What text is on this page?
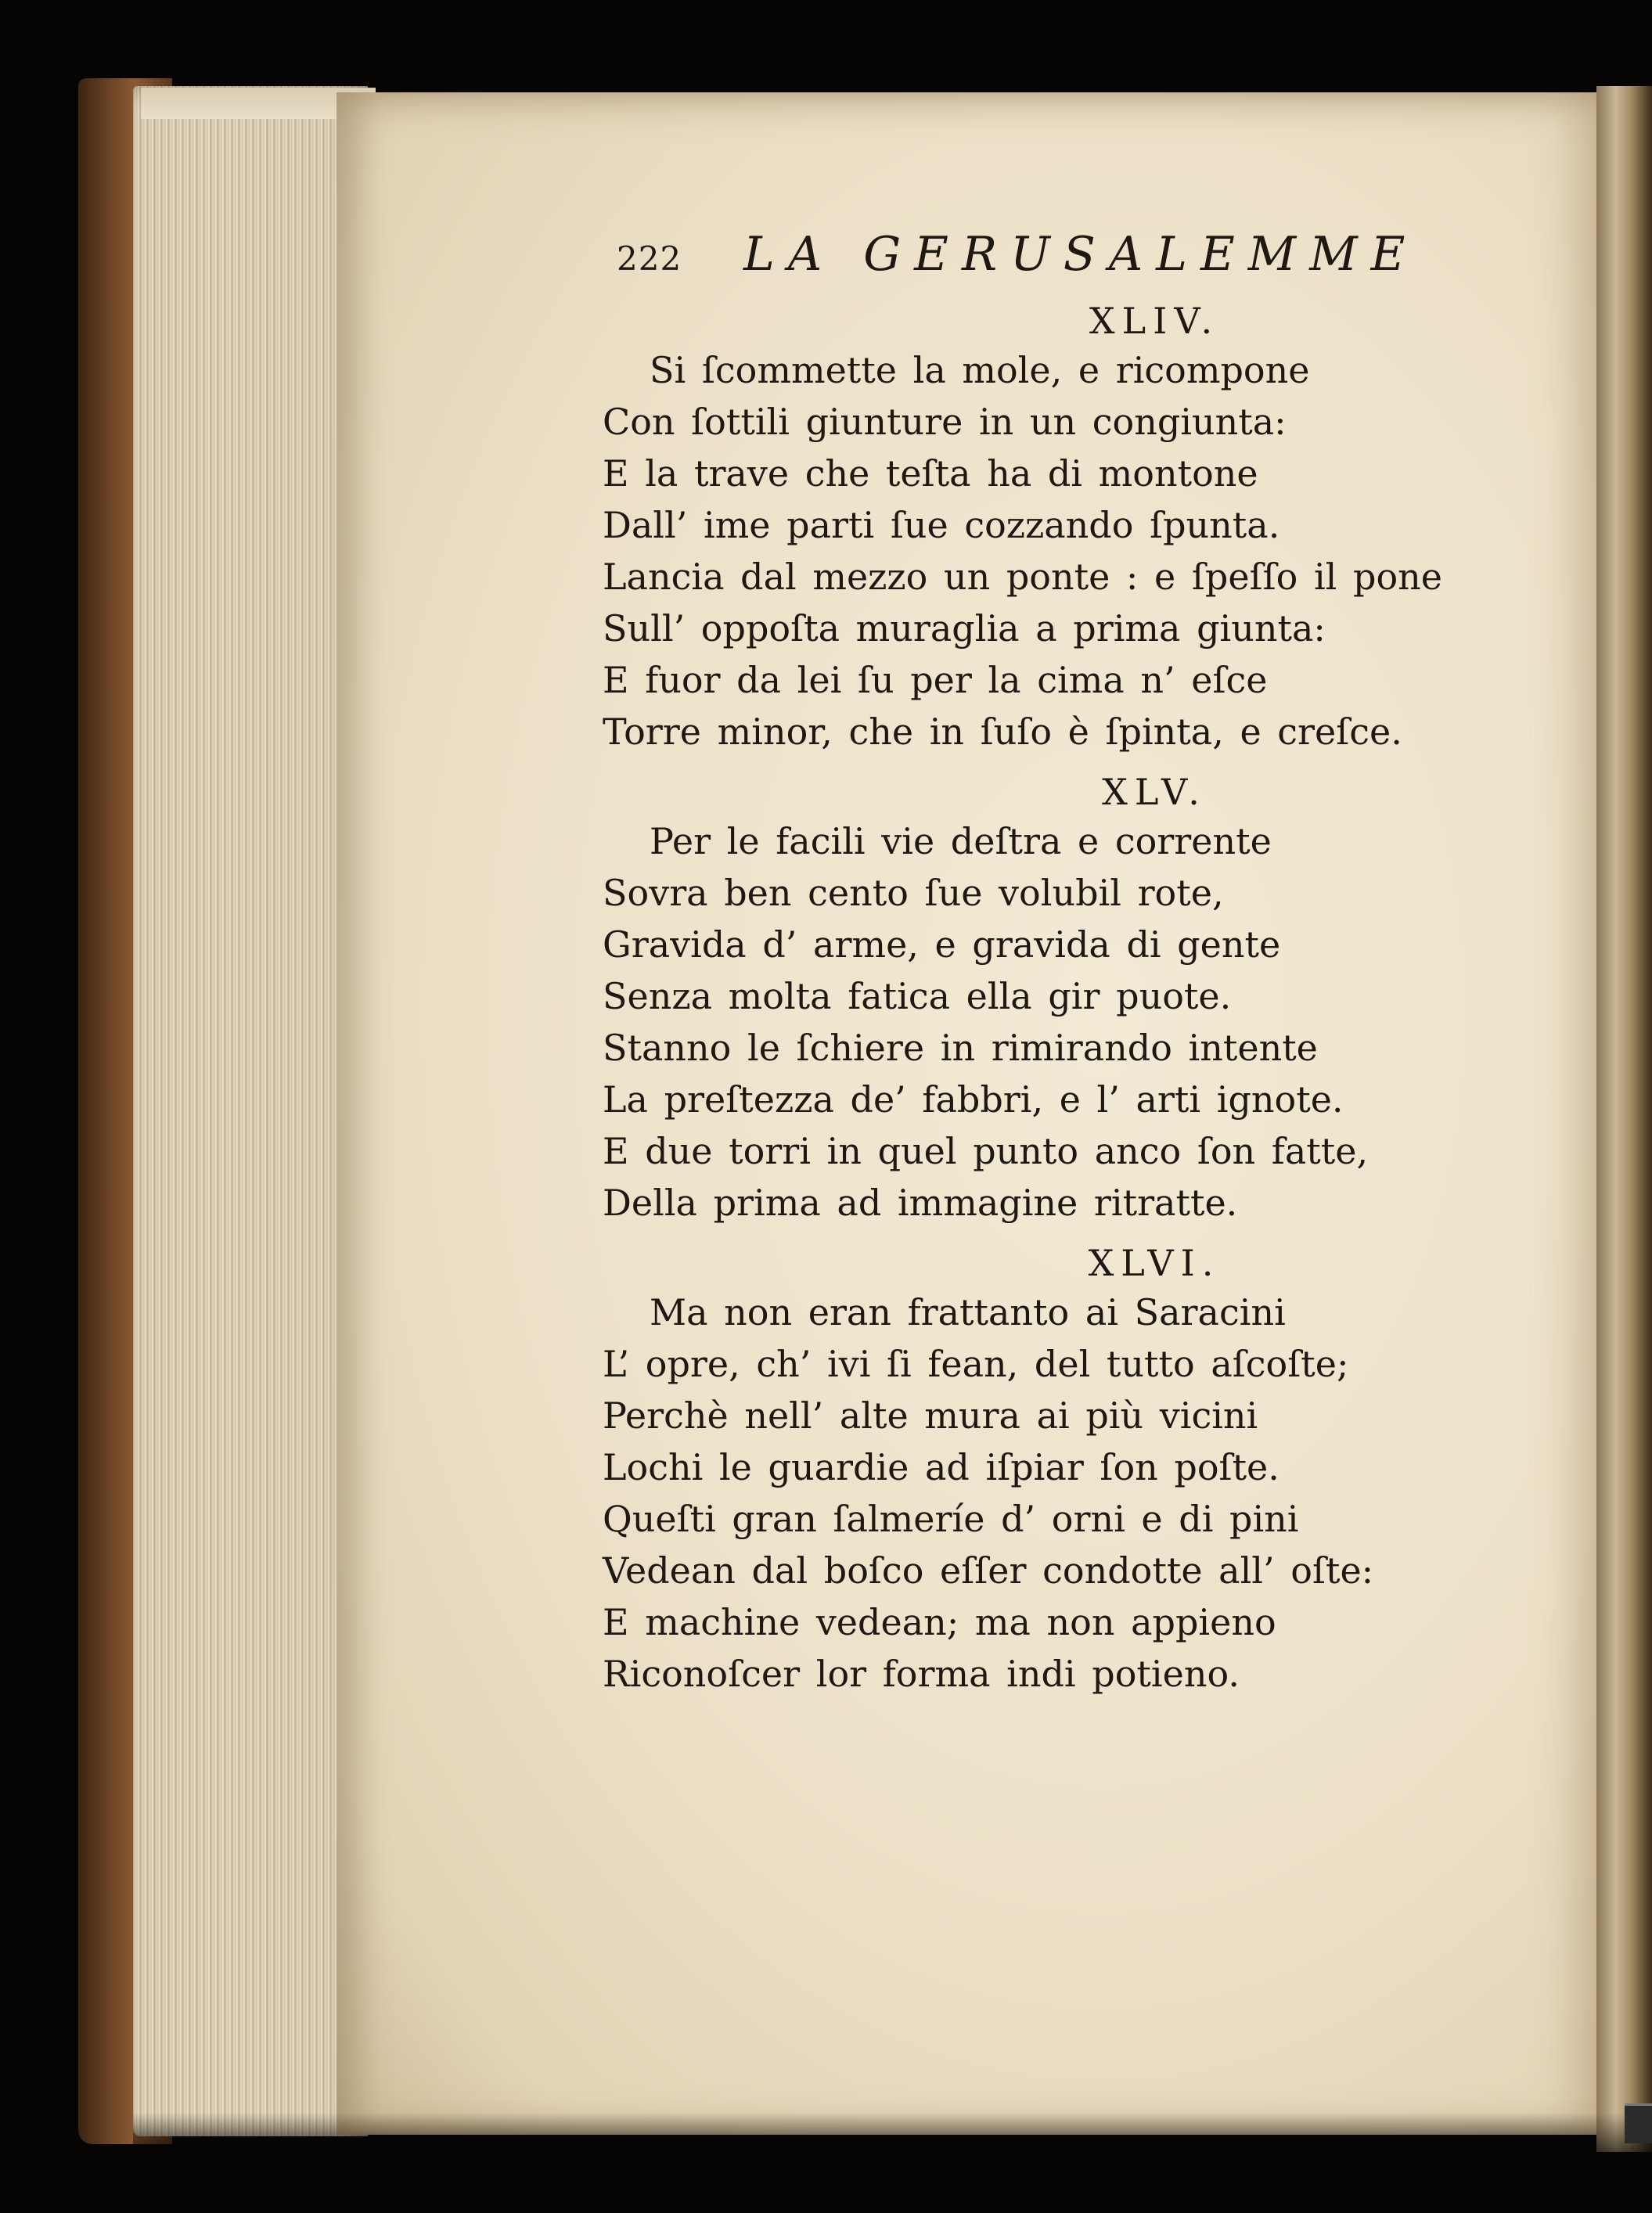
222 LA GERUSALEMME
XLIV.
Si ſcommette la mole, e ricompone
Con ſottili giunture in un congiunta:
E la trave che teſta ha di montone
Dall’ ime parti ſue cozzando ſpunta.
Lancia dal mezzo un ponte : e ſpeſſo il pone
Sull’ oppoſta muraglia a prima giunta:
E fuor da lei ſu per la cima n’ eſce
Torre minor, che in ſuſo è ſpinta, e creſce.
XLV.
Per le facili vie deſtra e corrente
Sovra ben cento ſue volubil rote,
Gravida d’ arme, e gravida di gente
Senza molta fatica ella gir puote.
Stanno le ſchiere in rimirando intente
La preſtezza de’ fabbri, e l’ arti ignote.
E due torri in quel punto anco ſon fatte,
Della prima ad immagine ritratte.
XLVI.
Ma non eran frattanto ai Saracini
L’ opre, ch’ ivi ſi fean, del tutto aſcoſte;
Perchè nell’ alte mura ai più vicini
Lochi le guardie ad iſpiar ſon poſte.
Queſti gran ſalmeríe d’ orni e di pini
Vedean dal boſco eſſer condotte all’ oſte:
E machine vedean; ma non appieno
Riconoſcer lor forma indi potieno.
